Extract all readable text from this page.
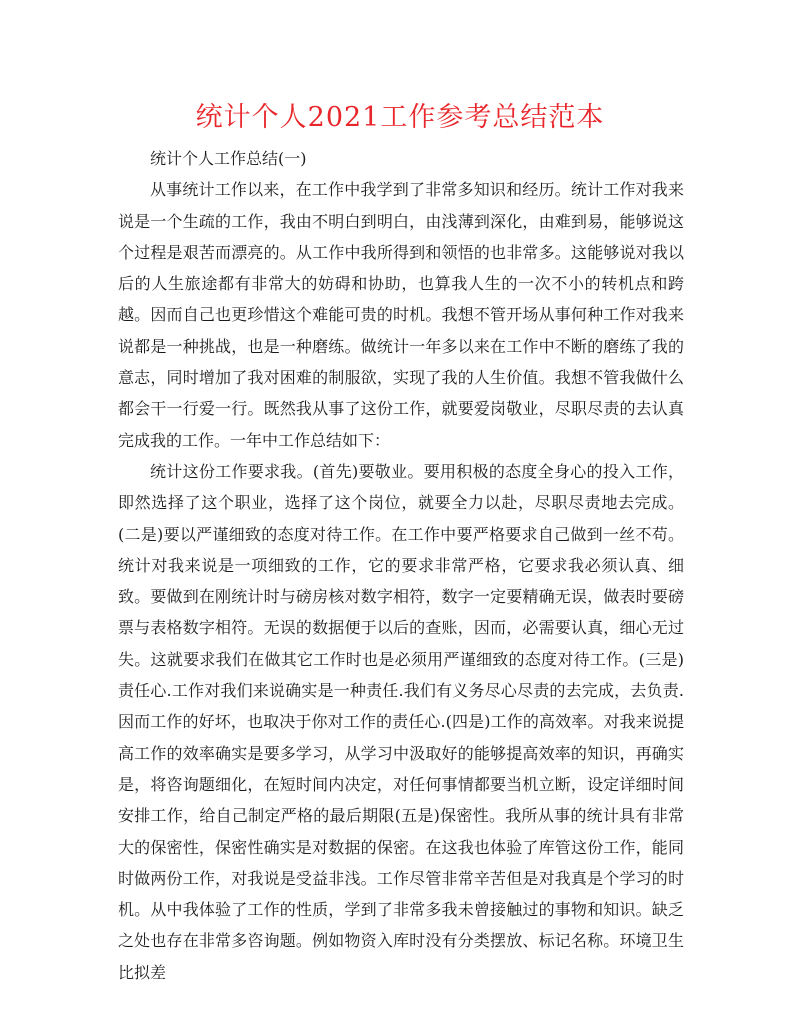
统计个人2021工作参考总结范本

统计个人工作总结(一)

从事统计工作以来，在工作中我学到了非常多知识和经历。统计工作对我来说是一个生疏的工作，我由不明白到明白，由浅薄到深化，由难到易，能够说这个过程是艰苦而漂亮的。从工作中我所得到和领悟的也非常多。这能够说对我以后的人生旅途都有非常大的妨碍和协助，也算我人生的一次不小的转机点和跨越。因而自己也更珍惜这个难能可贵的时机。我想不管开场从事何种工作对我来说都是一种挑战，也是一种磨练。做统计一年多以来在工作中不断的磨练了我的意志，同时增加了我对困难的制服欲，实现了我的人生价值。我想不管我做什么都会干一行爱一行。既然我从事了这份工作，就要爱岗敬业，尽职尽责的去认真完成我的工作。一年中工作总结如下：

统计这份工作要求我。(首先)要敬业。要用积极的态度全身心的投入工作，即然选择了这个职业，选择了这个岗位，就要全力以赴，尽职尽责地去完成。(二是)要以严谨细致的态度对待工作。在工作中要严格要求自己做到一丝不苟。统计对我来说是一项细致的工作，它的要求非常严格，它要求我必须认真、细致。要做到在刚统计时与磅房核对数字相符，数字一定要精确无误，做表时要磅票与表格数字相符。无误的数据便于以后的查账，因而，必需要认真，细心无过失。这就要求我们在做其它工作时也是必须用严谨细致的态度对待工作。(三是)责任心.工作对我们来说确实是一种责任.我们有义务尽心尽责的去完成，去负责.因而工作的好坏，也取决于你对工作的责任心.(四是)工作的高效率。对我来说提高工作的效率确实是要多学习，从学习中汲取好的能够提高效率的知识，再确实是，将咨询题细化，在短时间内决定，对任何事情都要当机立断，设定详细时间安排工作，给自己制定严格的最后期限(五是)保密性。我所从事的统计具有非常大的保密性，保密性确实是对数据的保密。在这我也体验了库管这份工作，能同时做两份工作，对我说是受益非浅。工作尽管非常辛苦但是对我真是个学习的时机。从中我体验了工作的性质，学到了非常多我未曾接触过的事物和知识。缺乏之处也存在非常多咨询题。例如物资入库时没有分类摆放、标记名称。环境卫生比拟差
